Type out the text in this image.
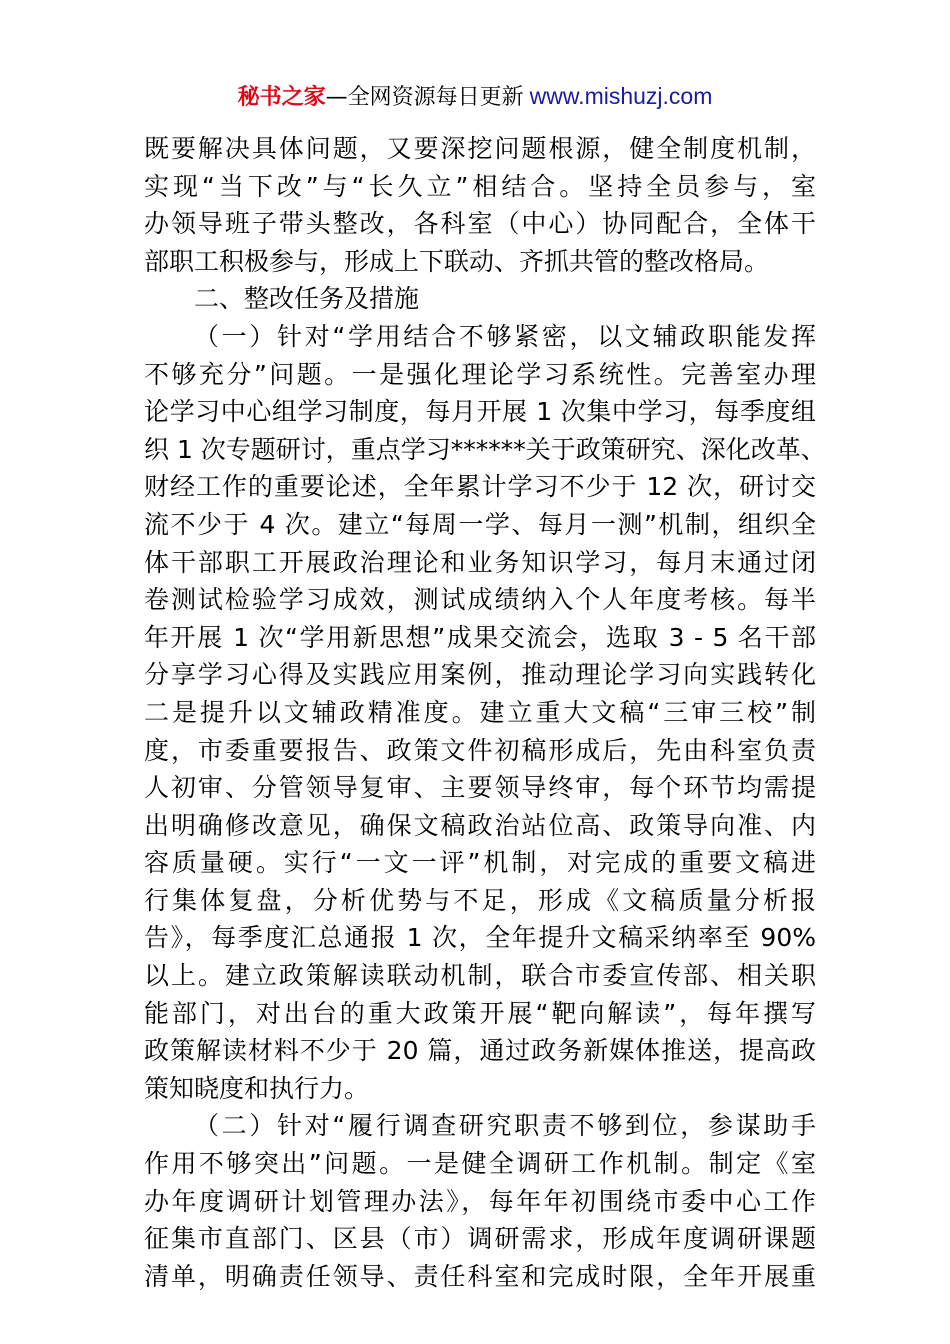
秘书之家—全网资源每日更新 www.mishuzj.com
既要解决具体问题，又要深挖问题根源，健全制度机制，
实现“当下改”与“长久立”相结合。坚持全员参与，室
办领导班子带头整改，各科室（中心）协同配合，全体干
部职工积极参与，形成上下联动、齐抓共管的整改格局。
二、整改任务及措施
（一）针对“学用结合不够紧密，以文辅政职能发挥
不够充分”问题。一是强化理论学习系统性。完善室办理
论学习中心组学习制度，每月开展 1 次集中学习，每季度组
织 1 次专题研讨，重点学习******关于政策研究、深化改革、
财经工作的重要论述，全年累计学习不少于 12 次，研讨交
流不少于 4 次。建立“每周一学、每月一测”机制，组织全
体干部职工开展政治理论和业务知识学习，每月末通过闭
卷测试检验学习成效，测试成绩纳入个人年度考核。每半
年开展 1 次“学用新思想”成果交流会，选取 3 - 5 名干部
分享学习心得及实践应用案例，推动理论学习向实践转化
二是提升以文辅政精准度。建立重大文稿“三审三校”制
度，市委重要报告、政策文件初稿形成后，先由科室负责
人初审、分管领导复审、主要领导终审，每个环节均需提
出明确修改意见，确保文稿政治站位高、政策导向准、内
容质量硬。实行“一文一评”机制，对完成的重要文稿进
行集体复盘，分析优势与不足，形成《文稿质量分析报
告》，每季度汇总通报 1 次，全年提升文稿采纳率至 90%
以上。建立政策解读联动机制，联合市委宣传部、相关职
能部门，对出台的重大政策开展“靶向解读”，每年撰写
政策解读材料不少于 20 篇，通过政务新媒体推送，提高政
策知晓度和执行力。
（二）针对“履行调查研究职责不够到位，参谋助手
作用不够突出”问题。一是健全调研工作机制。制定《室
办年度调研计划管理办法》，每年年初围绕市委中心工作
征集市直部门、区县（市）调研需求，形成年度调研课题
清单，明确责任领导、责任科室和完成时限，全年开展重
